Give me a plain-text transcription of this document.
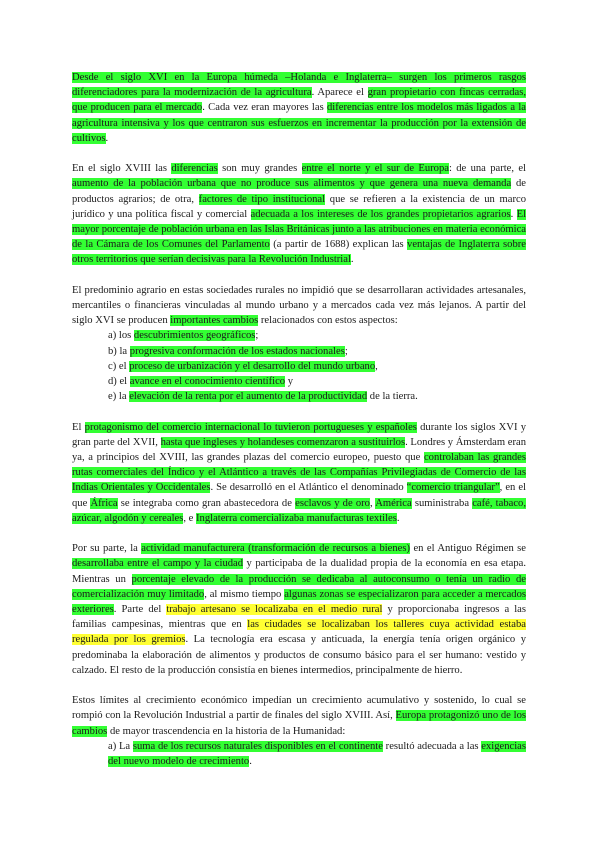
Desde el siglo XVI en la Europa húmeda –Holanda e Inglaterra– surgen los primeros rasgos diferenciadores para la modernización de la agricultura. Aparece el gran propietario con fincas cerradas, que producen para el mercado. Cada vez eran mayores las diferencias entre los modelos más ligados a la agricultura intensiva y los que centraron sus esfuerzos en incrementar la producción por la extensión de cultivos.

En el siglo XVIII las diferencias son muy grandes entre el norte y el sur de Europa: de una parte, el aumento de la población urbana que no produce sus alimentos y que genera una nueva demanda de productos agrarios; de otra, factores de tipo institucional que se refieren a la existencia de un marco jurídico y una política fiscal y comercial adecuada a los intereses de los grandes propietarios agrarios. El mayor porcentaje de población urbana en las Islas Británicas junto a las atribuciones en materia económica de la Cámara de los Comunes del Parlamento (a partir de 1688) explican las ventajas de Inglaterra sobre otros territorios que serían decisivas para la Revolución Industrial.

El predominio agrario en estas sociedades rurales no impidió que se desarrollaran actividades artesanales, mercantiles o financieras vinculadas al mundo urbano y a mercados cada vez más lejanos. A partir del siglo XVI se producen importantes cambios relacionados con estos aspectos:

a) los descubrimientos geográficos;
b) la progresiva conformación de los estados nacionales;
c) el proceso de urbanización y el desarrollo del mundo urbano,
d) el avance en el conocimiento científico y
e) la elevación de la renta por el aumento de la productividad de la tierra.

El protagonismo del comercio internacional lo tuvieron portugueses y españoles durante los siglos XVI y gran parte del XVII, hasta que ingleses y holandeses comenzaron a sustituirlos. Londres y Ámsterdam eran ya, a principios del XVIII, las grandes plazas del comercio europeo, puesto que controlaban las grandes rutas comerciales del Índico y el Atlántico a través de las Compañías Privilegiadas de Comercio de las Indias Orientales y Occidentales. Se desarrolló en el Atlántico el denominado “comercio triangular”, en el que África se integraba como gran abastecedora de esclavos y de oro, América suministraba café, tabaco, azúcar, algodón y cereales, e Inglaterra comercializaba manufacturas textiles.

Por su parte, la actividad manufacturera (transformación de recursos a bienes) en el Antiguo Régimen se desarrollaba entre el campo y la ciudad y participaba de la dualidad propia de la economía en esa etapa. Mientras un porcentaje elevado de la producción se dedicaba al autoconsumo o tenía un radio de comercialización muy limitado, al mismo tiempo algunas zonas se especializaron para acceder a mercados exteriores. Parte del trabajo artesano se localizaba en el medio rural y proporcionaba ingresos a las familias campesinas, mientras que en las ciudades se localizaban los talleres cuya actividad estaba regulada por los gremios. La tecnología era escasa y anticuada, la energía tenía origen orgánico y predominaba la elaboración de alimentos y productos de consumo básico para el ser humano: vestido y calzado. El resto de la producción consistía en bienes intermedios, principalmente de hierro.

Estos límites al crecimiento económico impedían un crecimiento acumulativo y sostenido, lo cual se rompió con la Revolución Industrial a partir de finales del siglo XVIII. Así, Europa protagonizó uno de los cambios de mayor trascendencia en la historia de la Humanidad:

a) La suma de los recursos naturales disponibles en el continente resultó adecuada a las exigencias del nuevo modelo de crecimiento.
